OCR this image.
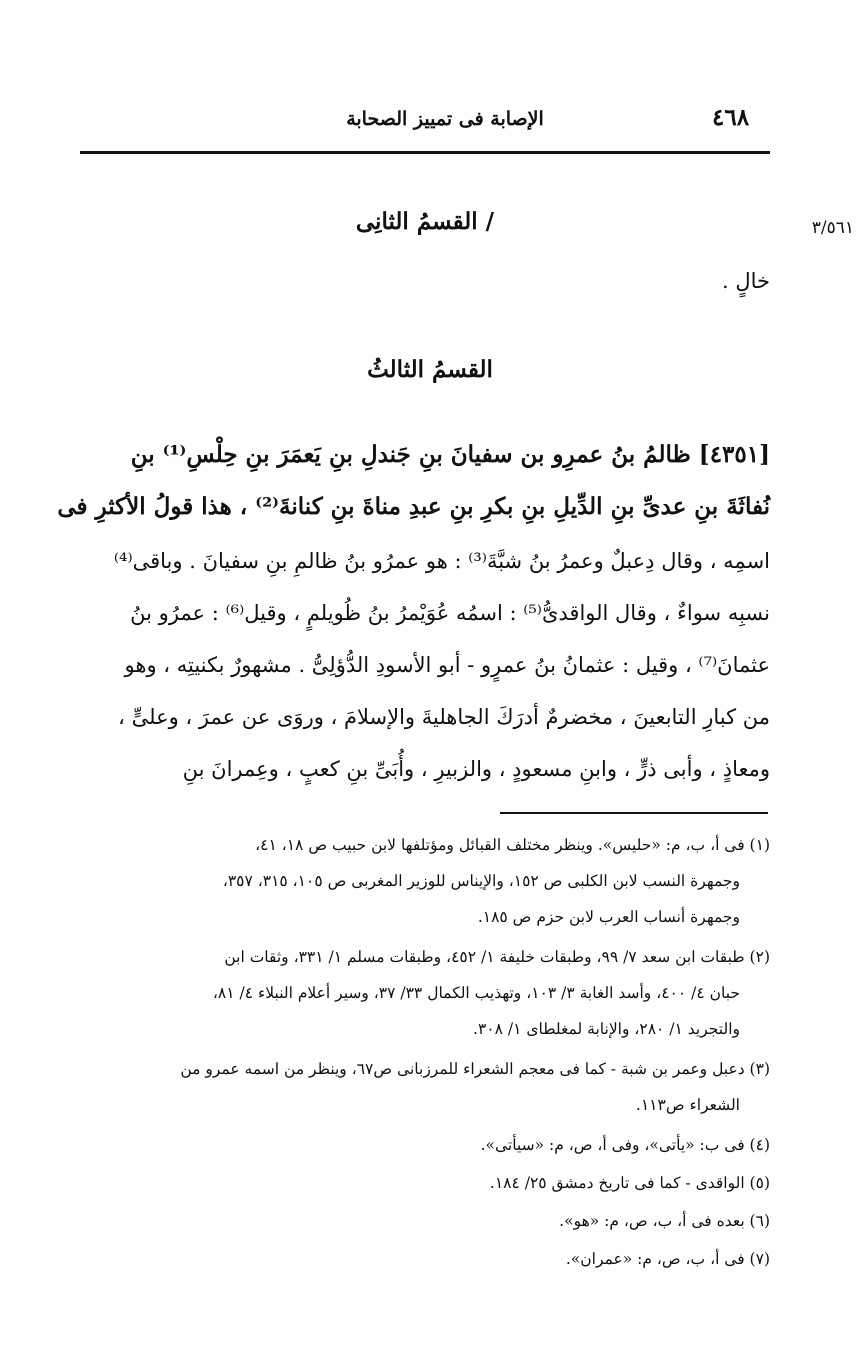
٤٦٨
الإصابة فى تمييز الصحابة
٣/٥٦١
/ القسمُ الثانِى
خالٍ .
القسمُ الثالثُ
[٤٣٥١] ظالمُ بنُ عمرِو بن سفيانَ بنِ جَندلِ بنِ يَعمَرَ بنِ حِلْسِ⁽¹⁾ بنِ
نُفاثَةَ بنِ عدىِّ بنِ الدِّيلِ بنِ بكرِ بنِ عبدِ مناةَ بنِ كنانةَ⁽²⁾ ، هذا قولُ الأكثرِ فى
اسمِه ، وقال دِعبلٌ وعمرُ بنُ شبَّةَ⁽³⁾ : هو عمرُو بنُ ظالمِ بنِ سفيانَ . وباقى⁽⁴⁾
نسبِه سواءٌ ، وقال الواقدىُّ⁽⁵⁾ : اسمُه عُوَيْمرُ بنُ ظُويلمٍ ، وقيل⁽⁶⁾ : عمرُو بنُ
عثمانَ⁽⁷⁾ ، وقيل : عثمانُ بنُ عمرٍو - أبو الأسودِ الدُّؤلِىُّ . مشهورٌ بكنيتِه ، وهو
من كبارِ التابعينَ ، مخضرمٌ أدرَكَ الجاهليةَ والإسلامَ ، وروَى عن عمرَ ، وعلىٍّ ،
ومعاذٍ ، وأبى ذرٍّ ، وابنِ مسعودٍ ، والزبيرِ ، وأُبَىِّ بنِ كعبٍ ، وعِمرانَ بنِ
(١) فى أ، ب، م: «حليس». وينظر مختلف القبائل ومؤتلفها لابن حبيب ص ١٨، ٤١،
وجمهرة النسب لابن الكلبى ص ١٥٢، والإيناس للوزير المغربى ص ١٠٥، ٣١٥، ٣٥٧،
وجمهرة أنساب العرب لابن حزم ص ١٨٥.
(٢) طبقات ابن سعد ٧/ ٩٩، وطبقات خليفة ١/ ٤٥٢، وطبقات مسلم ١/ ٣٣١، وثقات ابن
حبان ٤/ ٤٠٠، وأسد الغابة ٣/ ١٠٣، وتهذيب الكمال ٣٣/ ٣٧، وسير أعلام النبلاء ٤/ ٨١،
والتجريد ١/ ٢٨٠، والإنابة لمغلطاى ١/ ٣٠٨.
(٣) دعبل وعمر بن شبة - كما فى معجم الشعراء للمرزبانى ص٦٧، وينظر من اسمه عمرو من
الشعراء ص١١٣.
(٤) فى ب: «يأتى»، وفى أ، ص، م: «سيأتى».
(٥) الواقدى - كما فى تاريخ دمشق ٢٥/ ١٨٤.
(٦) بعده فى أ، ب، ص، م: «هو».
(٧) فى أ، ب، ص، م: «عمران».
